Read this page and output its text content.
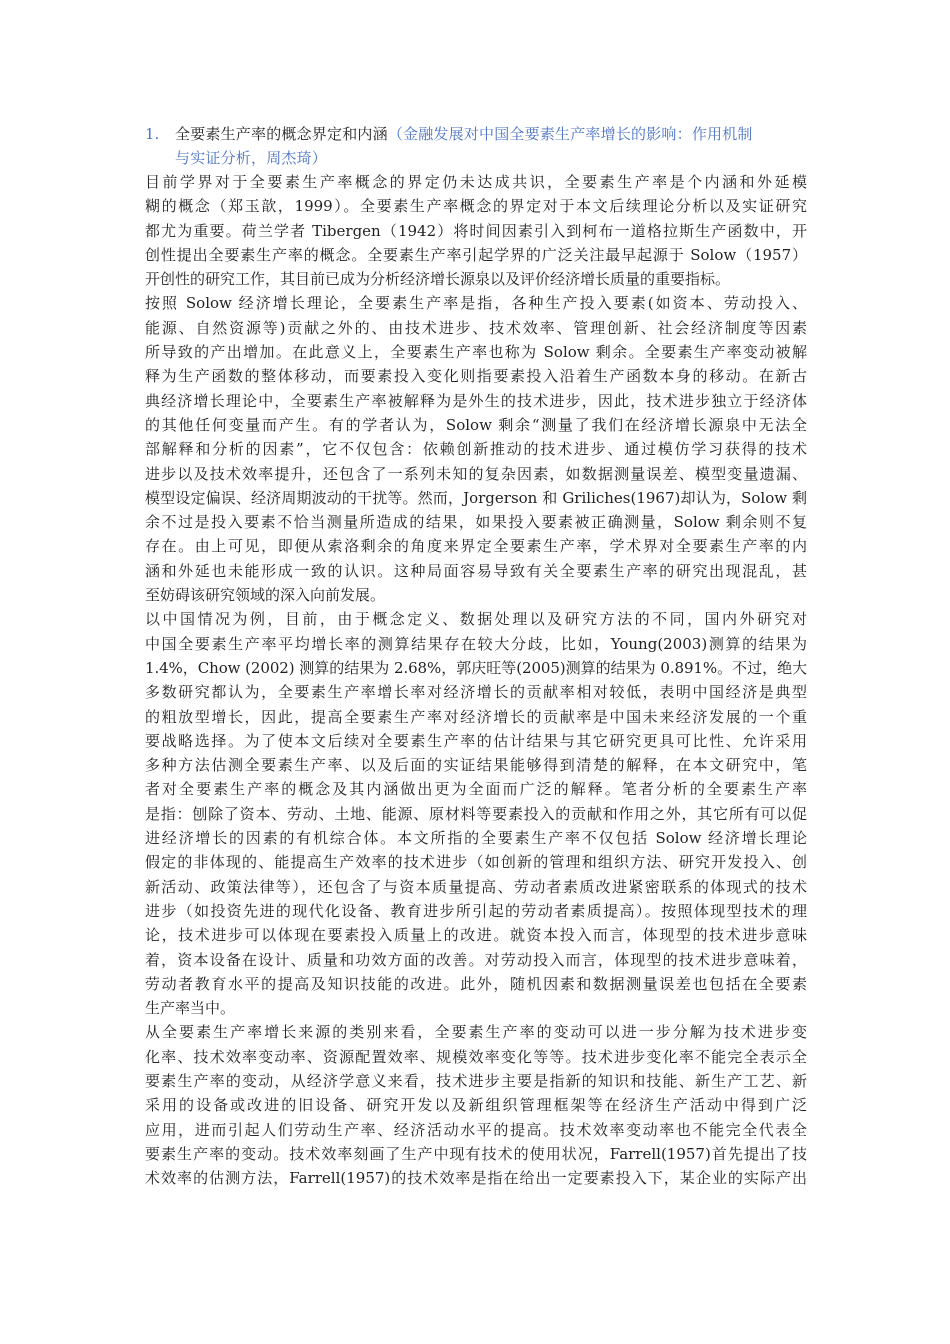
1.	全要素生产率的概念界定和内涵（金融发展对中国全要素生产率增长的影响：作用机制
与实证分析，周杰琦）
目前学界对于全要素生产率概念的界定仍未达成共识，全要素生产率是个内涵和外延模
糊的概念（郑玉歆，1999）。全要素生产率概念的界定对于本文后续理论分析以及实证研究
都尤为重要。荷兰学者 Tibergen（1942）将时间因素引入到柯布一道格拉斯生产函数中，开
创性提出全要素生产率的概念。全要素生产率引起学界的广泛关注最早起源于 Solow（1957）
开创性的研究工作，其目前已成为分析经济增长源泉以及评价经济增长质量的重要指标。
按照 Solow 经济增长理论，全要素生产率是指，各种生产投入要素(如资本、劳动投入、
能源、自然资源等)贡献之外的、由技术进步、技术效率、管理创新、社会经济制度等因素
所导致的产出增加。在此意义上，全要素生产率也称为 Solow 剩余。全要素生产率变动被解
释为生产函数的整体移动，而要素投入变化则指要素投入沿着生产函数本身的移动。在新古
典经济增长理论中，全要素生产率被解释为是外生的技术进步，因此，技术进步独立于经济体
的其他任何变量而产生。有的学者认为，Solow 剩余“测量了我们在经济增长源泉中无法全
部解释和分析的因素”，它不仅包含：依赖创新推动的技术进步、通过模仿学习获得的技术
进步以及技术效率提升，还包含了一系列未知的复杂因素，如数据测量误差、模型变量遗漏、
模型设定偏误、经济周期波动的干扰等。然而，Jorgerson 和 Griliches(1967)却认为，Solow 剩
余不过是投入要素不恰当测量所造成的结果，如果投入要素被正确测量，Solow 剩余则不复
存在。由上可见，即便从索洛剩余的角度来界定全要素生产率，学术界对全要素生产率的内
涵和外延也未能形成一致的认识。这种局面容易导致有关全要素生产率的研究出现混乱，甚
至妨碍该研究领域的深入向前发展。
以中国情况为例，目前，由于概念定义、数据处理以及研究方法的不同，国内外研究对
中国全要素生产率平均增长率的测算结果存在较大分歧，比如，Young(2003)测算的结果为
1.4%，Chow (2002) 测算的结果为 2.68%，郭庆旺等(2005)测算的结果为 0.891%。不过，绝大
多数研究都认为，全要素生产率增长率对经济增长的贡献率相对较低，表明中国经济是典型
的粗放型增长，因此，提高全要素生产率对经济增长的贡献率是中国未来经济发展的一个重
要战略选择。为了使本文后续对全要素生产率的估计结果与其它研究更具可比性、允许采用
多种方法估测全要素生产率、以及后面的实证结果能够得到清楚的解释，在本文研究中，笔
者对全要素生产率的概念及其内涵做出更为全面而广泛的解释。笔者分析的全要素生产率
是指：刨除了资本、劳动、土地、能源、原材料等要素投入的贡献和作用之外，其它所有可以促
进经济增长的因素的有机综合体。本文所指的全要素生产率不仅包括 Solow 经济增长理论
假定的非体现的、能提高生产效率的技术进步（如创新的管理和组织方法、研究开发投入、创
新活动、政策法律等），还包含了与资本质量提高、劳动者素质改进紧密联系的体现式的技术
进步（如投资先进的现代化设备、教育进步所引起的劳动者素质提高）。按照体现型技术的理
论，技术进步可以体现在要素投入质量上的改进。就资本投入而言，体现型的技术进步意味
着，资本设备在设计、质量和功效方面的改善。对劳动投入而言，体现型的技术进步意味着，
劳动者教育水平的提高及知识技能的改进。此外，随机因素和数据测量误差也包括在全要素
生产率当中。
从全要素生产率增长来源的类别来看，全要素生产率的变动可以进一步分解为技术进步变
化率、技术效率变动率、资源配置效率、规模效率变化等等。技术进步变化率不能完全表示全
要素生产率的变动，从经济学意义来看，技术进步主要是指新的知识和技能、新生产工艺、新
采用的设备或改进的旧设备、研究开发以及新组织管理框架等在经济生产活动中得到广泛
应用，进而引起人们劳动生产率、经济活动水平的提高。技术效率变动率也不能完全代表全
要素生产率的变动。技术效率刻画了生产中现有技术的使用状况，Farrell(1957)首先提出了技
术效率的估测方法，Farrell(1957)的技术效率是指在给出一定要素投入下，某企业的实际产出
